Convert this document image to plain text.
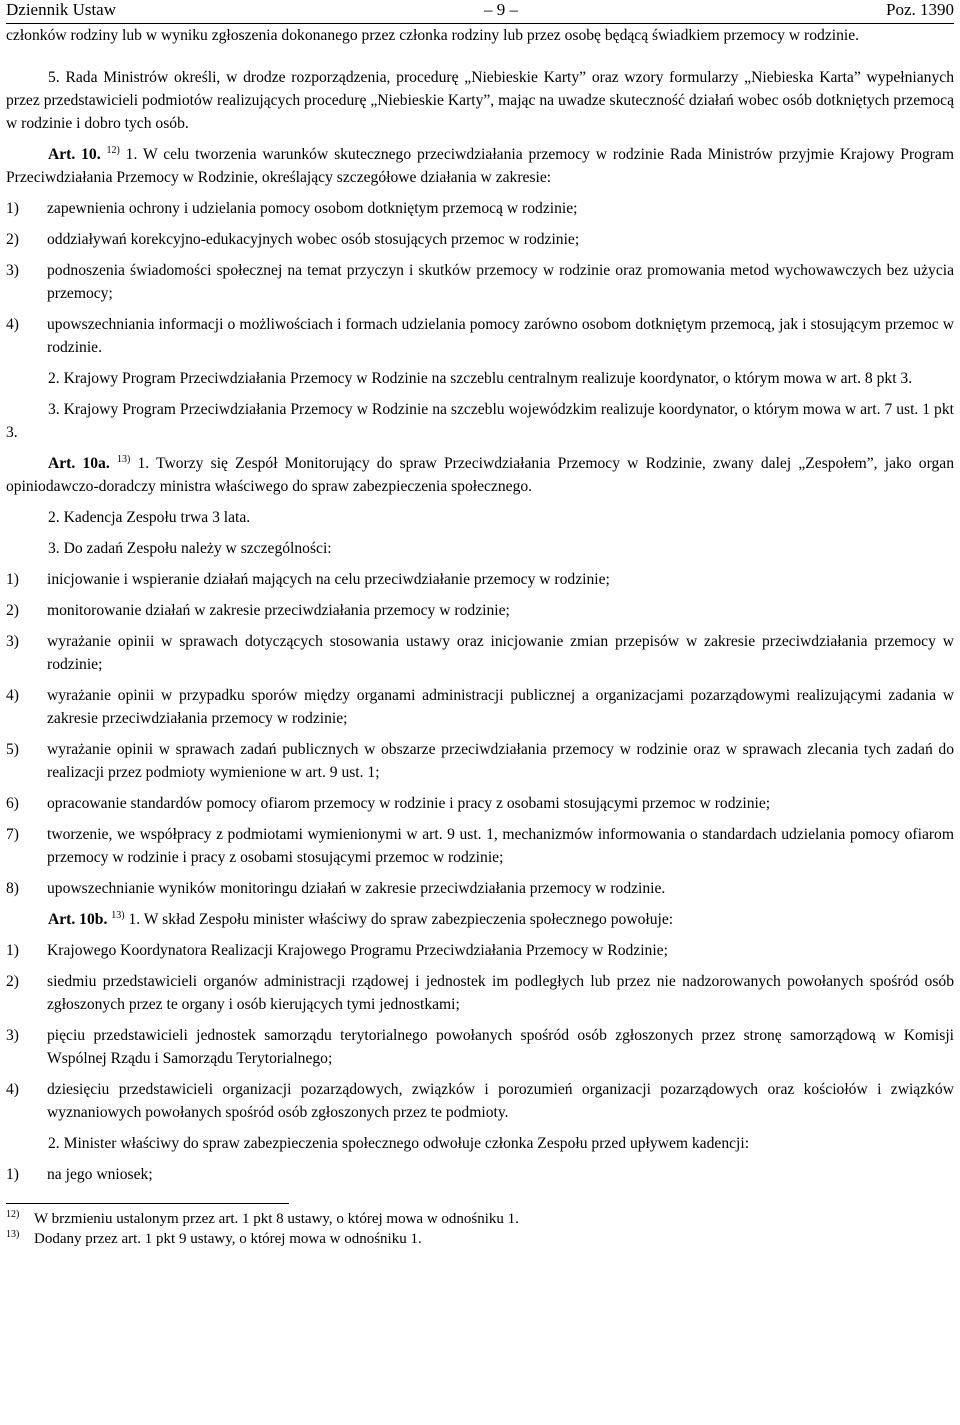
Dziennik Ustaw	– 9 –	Poz. 1390

członków rodziny lub w wyniku zgłoszenia dokonanego przez członka rodziny lub przez osobę będącą świadkiem przemocy w rodzinie.

5. Rada Ministrów określi, w drodze rozporządzenia, procedurę „Niebieskie Karty” oraz wzory formularzy „Niebieska Karta” wypełnianych przez przedstawicieli podmiotów realizujących procedurę „Niebieskie Karty”, mając na uwadze skuteczność działań wobec osób dotkniętych przemocą w rodzinie i dobro tych osób.

Art. 10. $^{12)}$ 1. W celu tworzenia warunków skutecznego przeciwdziałania przemocy w rodzinie Rada Ministrów przyjmie Krajowy Program Przeciwdziałania Przemocy w Rodzinie, określający szczegółowe działania w zakresie:

1)	zapewnienia ochrony i udzielania pomocy osobom dotkniętym przemocą w rodzinie;
2)	oddziaływań korekcyjno-edukacyjnych wobec osób stosujących przemoc w rodzinie;
3)	podnoszenia świadomości społecznej na temat przyczyn i skutków przemocy w rodzinie oraz promowania metod wychowawczych bez użycia przemocy;
4)	upowszechniania informacji o możliwościach i formach udzielania pomocy zarówno osobom dotkniętym przemocą, jak i stosującym przemoc w rodzinie.

2. Krajowy Program Przeciwdziałania Przemocy w Rodzinie na szczeblu centralnym realizuje koordynator, o którym mowa w art. 8 pkt 3.

3. Krajowy Program Przeciwdziałania Przemocy w Rodzinie na szczeblu wojewódzkim realizuje koordynator, o którym mowa w art. 7 ust. 1 pkt 3.

Art. 10a. $^{13)}$ 1. Tworzy się Zespół Monitorujący do spraw Przeciwdziałania Przemocy w Rodzinie, zwany dalej „Zespołem”, jako organ opiniodawczo-doradczy ministra właściwego do spraw zabezpieczenia społecznego.

2. Kadencja Zespołu trwa 3 lata.

3. Do zadań Zespołu należy w szczególności:

1)	inicjowanie i wspieranie działań mających na celu przeciwdziałanie przemocy w rodzinie;
2)	monitorowanie działań w zakresie przeciwdziałania przemocy w rodzinie;
3)	wyrażanie opinii w sprawach dotyczących stosowania ustawy oraz inicjowanie zmian przepisów w zakresie przeciwdziałania przemocy w rodzinie;
4)	wyrażanie opinii w przypadku sporów między organami administracji publicznej a organizacjami pozarządowymi realizującymi zadania w zakresie przeciwdziałania przemocy w rodzinie;
5)	wyrażanie opinii w sprawach zadań publicznych w obszarze przeciwdziałania przemocy w rodzinie oraz w sprawach zlecania tych zadań do realizacji przez podmioty wymienione w art. 9 ust. 1;
6)	opracowanie standardów pomocy ofiarom przemocy w rodzinie i pracy z osobami stosującymi przemoc w rodzinie;
7)	tworzenie, we współpracy z podmiotami wymienionymi w art. 9 ust. 1, mechanizmów informowania o standardach udzielania pomocy ofiarom przemocy w rodzinie i pracy z osobami stosującymi przemoc w rodzinie;
8)	upowszechnianie wyników monitoringu działań w zakresie przeciwdziałania przemocy w rodzinie.

Art. 10b. $^{13)}$ 1. W skład Zespołu minister właściwy do spraw zabezpieczenia społecznego powołuje:

1)	Krajowego Koordynatora Realizacji Krajowego Programu Przeciwdziałania Przemocy w Rodzinie;
2)	siedmiu przedstawicieli organów administracji rządowej i jednostek im podległych lub przez nie nadzorowanych powołanych spośród osób zgłoszonych przez te organy i osób kierujących tymi jednostkami;
3)	pięciu przedstawicieli jednostek samorządu terytorialnego powołanych spośród osób zgłoszonych przez stronę samorządową w Komisji Wspólnej Rządu i Samorządu Terytorialnego;
4)	dziesięciu przedstawicieli organizacji pozarządowych, związków i porozumień organizacji pozarządowych oraz kościołów i związków wyznaniowych powołanych spośród osób zgłoszonych przez te podmioty.

2. Minister właściwy do spraw zabezpieczenia społecznego odwołuje członka Zespołu przed upływem kadencji:

1)	na jego wniosek;
12) W brzmieniu ustalonym przez art. 1 pkt 8 ustawy, o której mowa w odnośniku 1.
13) Dodany przez art. 1 pkt 9 ustawy, o której mowa w odnośniku 1.
